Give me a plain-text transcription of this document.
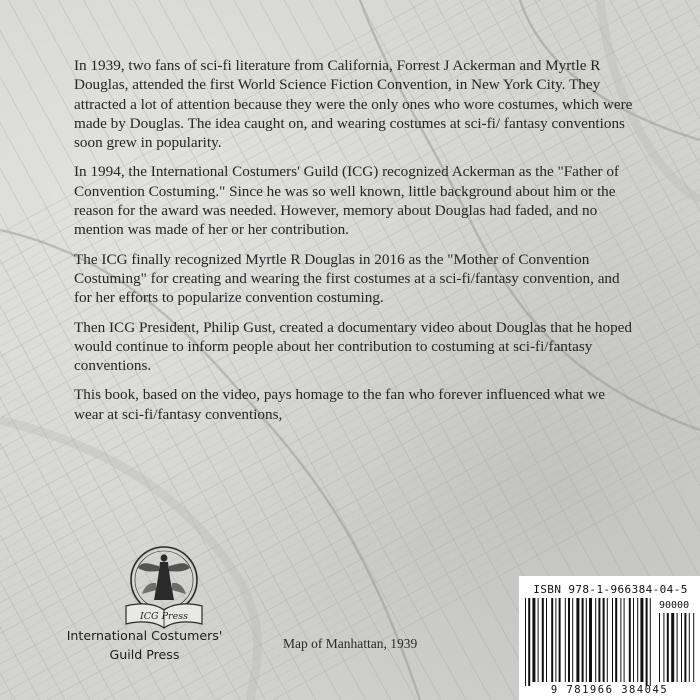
In 1939, two fans of sci-fi literature from California, Forrest J Ackerman and Myrtle R Douglas, attended the first World Science Fiction Convention, in New York City. They attracted a lot of attention because they were the only ones who wore costumes, which were made by Douglas. The idea caught on, and wearing costumes at sci-fi/ fantasy conventions soon grew in popularity.

In 1994, the International Costumers' Guild (ICG) recognized Ackerman as the "Father of Convention Costuming." Since he was so well known, little background about him or the reason for the award was needed. However, memory about Douglas had faded, and no mention was made of her or her contribution.

The ICG finally recognized Myrtle R Douglas in 2016 as the "Mother of Convention Costuming" for creating and wearing the first costumes at a sci-fi/fantasy convention, and for her efforts to popularize convention costuming.

Then ICG President, Philip Gust, created a documentary video about Douglas that he hoped would continue to inform people about her contribution to costuming at sci-fi/fantasy conventions.

This book, based on the video, pays homage to the fan who forever influenced what we wear at sci-fi/fantasy conventions,

ICG Press
International Costumers'
Guild Press
Map of Manhattan, 1939
ISBN 978-1-966384-04-5
90000
9 781966 384045
